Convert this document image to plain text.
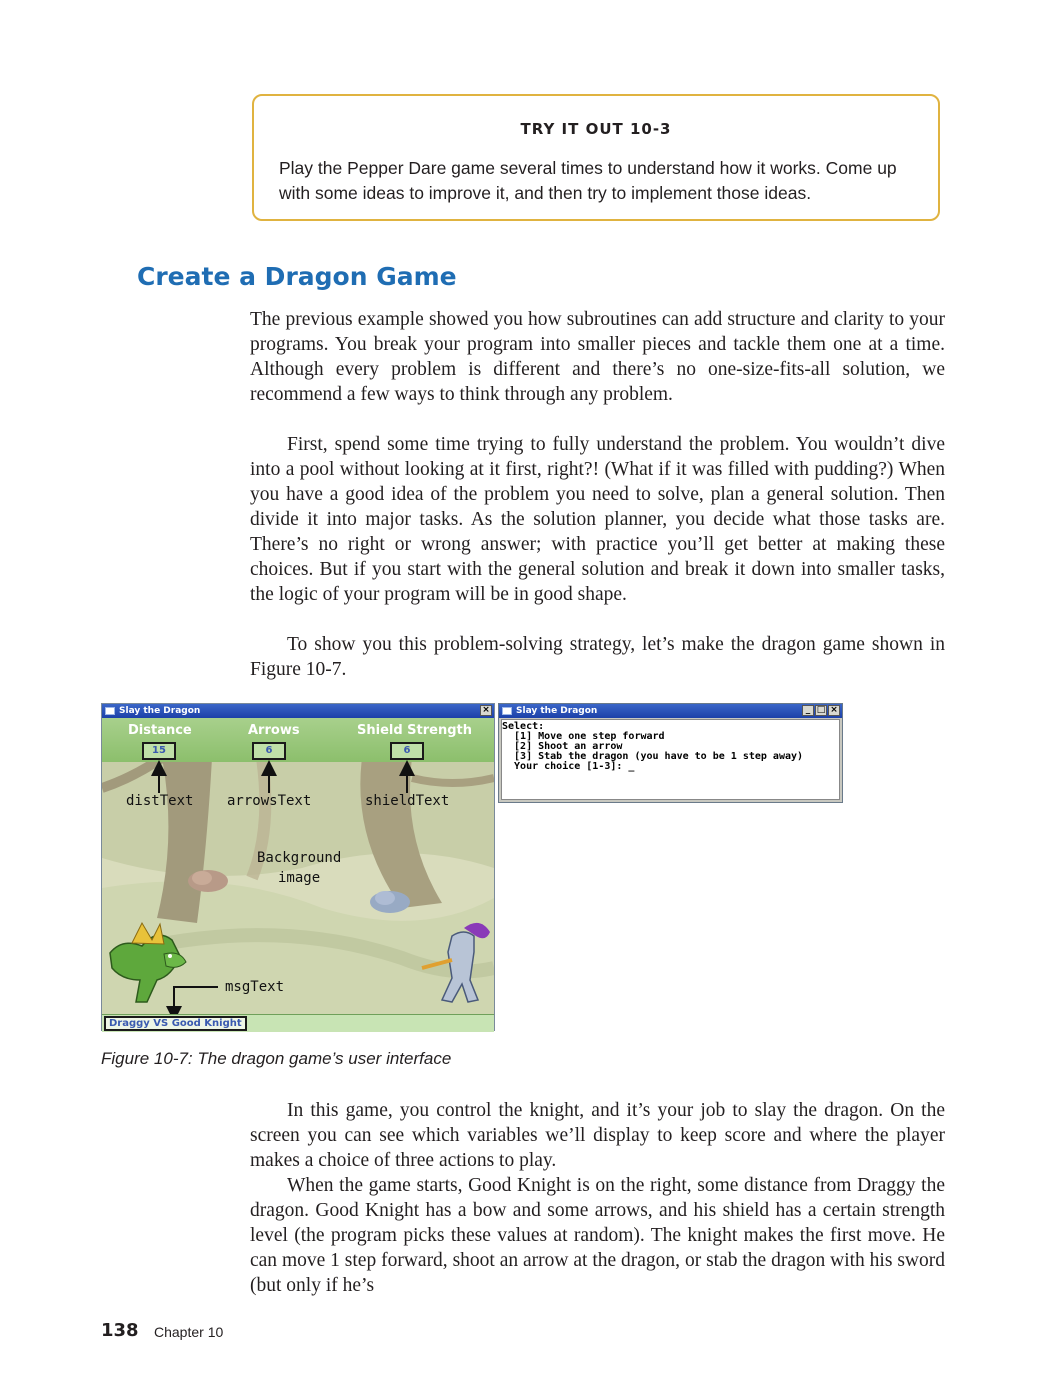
TRY IT OUT 10-3
Play the Pepper Dare game several times to understand how it works. Come up with some ideas to improve it, and then try to implement those ideas.
Create a Dragon Game

The previous example showed you how subroutines can add structure and clarity to your programs. You break your program into smaller pieces and tackle them one at a time. Although every problem is different and there’s no one-size-fits-all solution, we recommend a few ways to think through any problem.

First, spend some time trying to fully understand the problem. You wouldn’t dive into a pool without looking at it first, right?! (What if it was filled with pudding?) When you have a good idea of the problem you need to solve, plan a general solution. Then divide it into major tasks. As the solution planner, you decide what those tasks are. There’s no right or wrong answer; with practice you’ll get better at making these choices. But if you start with the general solution and break it down into smaller tasks, the logic of your program will be in good shape.

To show you this problem-solving strategy, let’s make the dragon game shown in Figure 10-7.

Slay the Dragon	×
Distance	Arrows	Shield Strength
15	6	6
distText arrowsText	shieldText
Background
image
msgText
Draggy VS Good Knight
Slay the Dragon	_ □ ×
Select:
[1] Move one step forward
[2] Shoot an arrow
[3] Stab the dragon (you have to be 1 step away)
Your choice [1-3]: _

Figure 10-7: The dragon game’s user interface

In this game, you control the knight, and it’s your job to slay the dragon. On the screen you can see which variables we’ll display to keep score and where the player makes a choice of three actions to play.

When the game starts, Good Knight is on the right, some distance from Draggy the dragon. Good Knight has a bow and some arrows, and his shield has a certain strength level (the program picks these values at random). The knight makes the first move. He can move 1 step forward, shoot an arrow at the dragon, or stab the dragon with his sword (but only if he’s

138 Chapter 10
